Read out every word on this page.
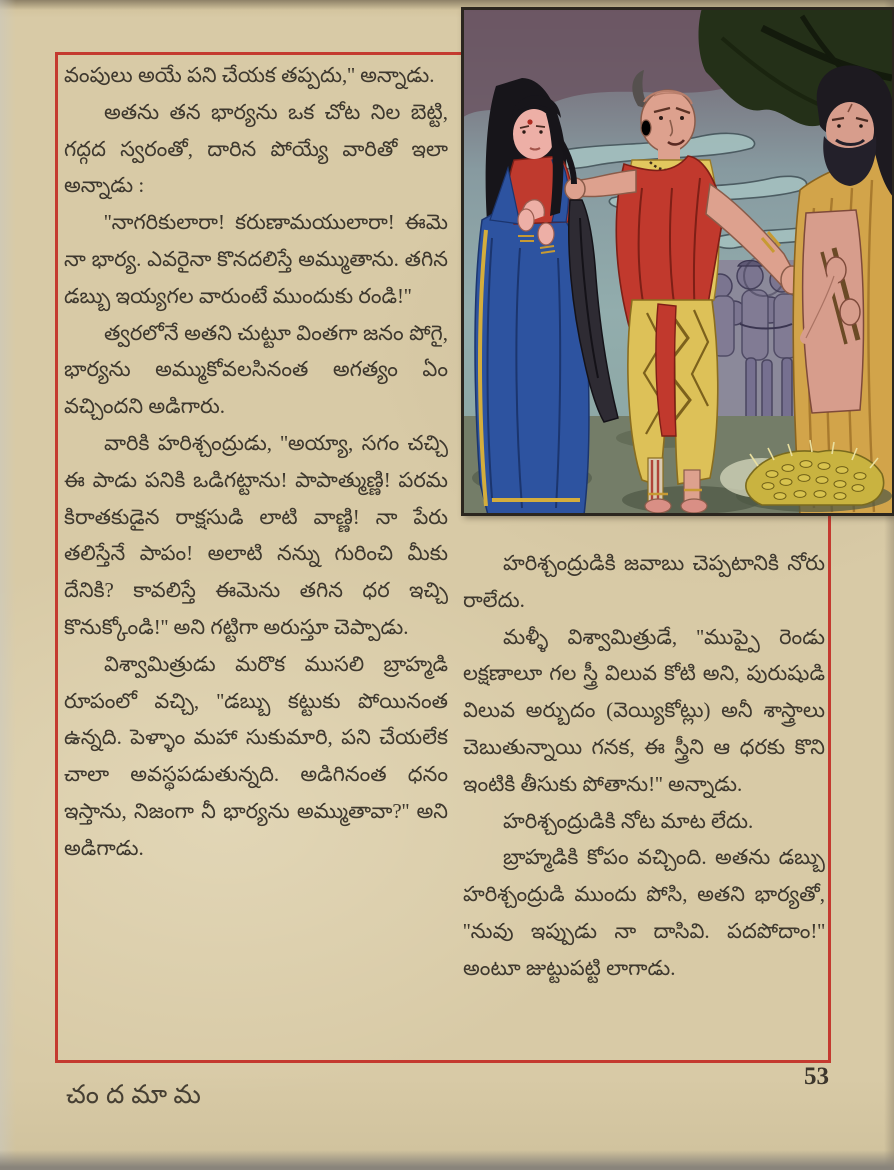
వంపులు అయే పని చేయక తప్పదు,'' అన్నాడు.

అతను తన భార్యను ఒక చోట నిల బెట్టి, గద్గద స్వరంతో, దారిన పోయ్యే వారితో ఇలా అన్నాడు :

''నాగరికులారా! కరుణామయులారా! ఈమె నా భార్య. ఎవరైనా కొనదలిస్తే అమ్ముతాను. తగిన డబ్బు ఇయ్యగల వారుంటే ముందుకు రండి!''

త్వరలోనే అతని చుట్టూ వింతగా జనం పోగై, భార్యను అమ్ముకోవలసినంత అగత్యం ఏం వచ్చిందని అడిగారు.

వారికి హరిశ్చంద్రుడు, ''అయ్యా, సగం చచ్చి ఈ పాడు పనికి ఒడిగట్టాను! పాపాత్ముణ్ణి! పరమ కిరాతకుడైన రాక్షసుడి లాటి వాణ్ణి! నా పేరు తలిస్తేనే పాపం! అలాటి నన్ను గురించి మీకు దేనికి? కావలిస్తే ఈమెను తగిన ధర ఇచ్చి కొనుక్కోండి!'' అని గట్టిగా అరుస్తూ చెప్పాడు.

విశ్వామిత్రుడు మరొక ముసలి బ్రాహ్మడి రూపంలో వచ్చి, ''డబ్బు కట్టుకు పోయినంత ఉన్నది. పెళ్ళాం మహా సుకుమారి, పని చేయలేక చాలా అవస్థపడుతున్నది. అడిగినంత ధనం ఇస్తాను, నిజంగా నీ భార్యను అమ్ముతావా?'' అని అడిగాడు.

హరిశ్చంద్రుడికి జవాబు చెప్పటానికి నోరు రాలేదు.

మళ్ళీ విశ్వామిత్రుడే, ''ముప్పై రెండు లక్షణాలూ గల స్త్రీ విలువ కోటి అని, పురుషుడి విలువ అర్బుదం (వెయ్యికోట్లు) అనీ శాస్త్రాలు చెబుతున్నాయి గనక, ఈ స్త్రీని ఆ ధరకు కొని ఇంటికి తీసుకు పోతాను!'' అన్నాడు.

హరిశ్చంద్రుడికి నోట మాట లేదు.

బ్రాహ్మడికి కోపం వచ్చింది. అతను డబ్బు హరిశ్చంద్రుడి ముందు పోసి, అతని భార్యతో, ''నువు ఇప్పుడు నా దాసివి. పదపోదాం!'' అంటూ జుట్టుపట్టి లాగాడు.

చందమామ
53
